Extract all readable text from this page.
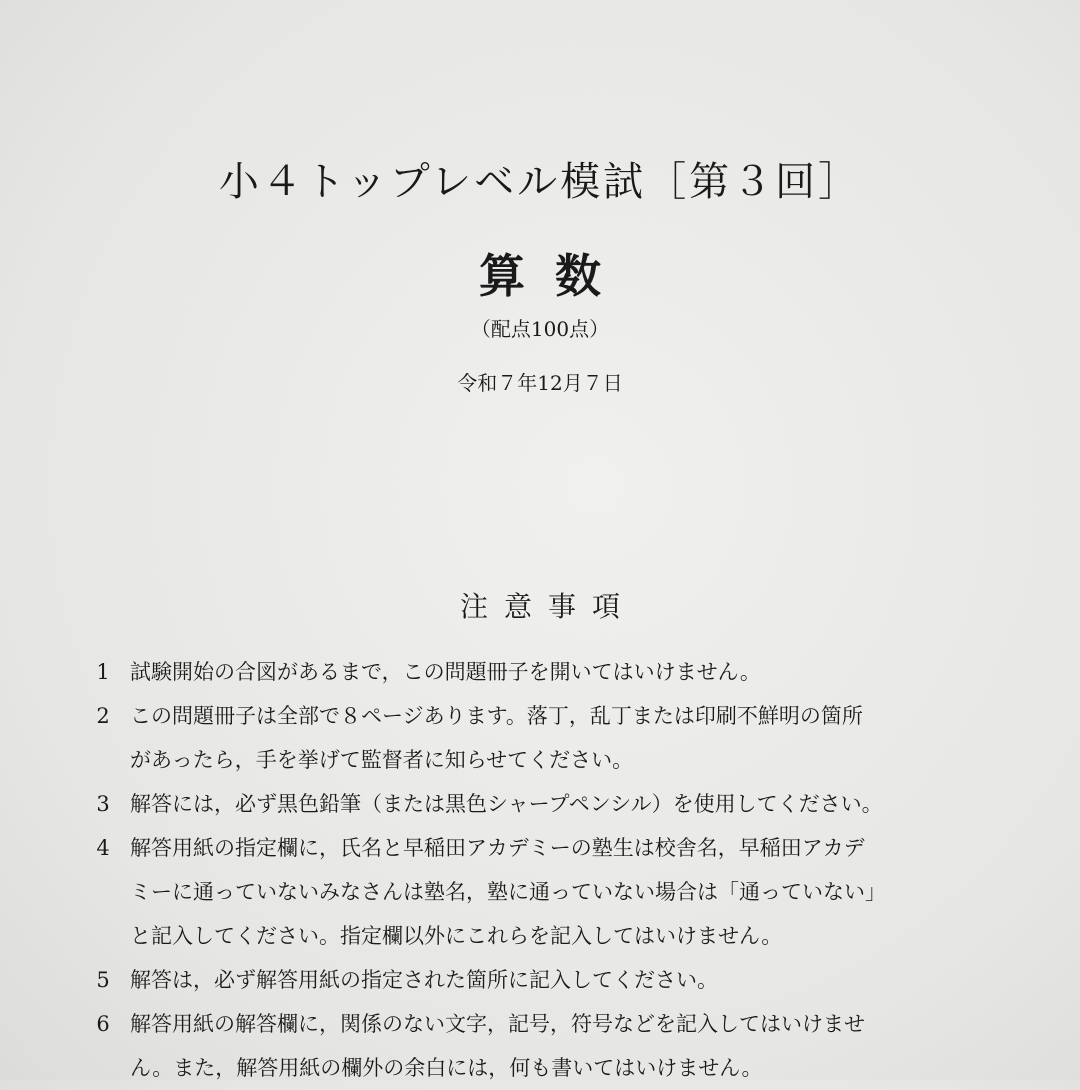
小４トップレベル模試［第３回］
算数
（配点100点）
令和７年12月７日
注意事項
1 試験開始の合図があるまで，この問題冊子を開いてはいけません。

2 この問題冊子は全部で８ページあります。落丁，乱丁または印刷不鮮明の箇所

があったら，手を挙げて監督者に知らせてください。

3 解答には，必ず黒色鉛筆（または黒色シャープペンシル）を使用してください。

4 解答用紙の指定欄に，氏名と早稲田アカデミーの塾生は校舎名，早稲田アカデ

ミーに通っていないみなさんは塾名，塾に通っていない場合は「通っていない」

と記入してください。指定欄以外にこれらを記入してはいけません。

5 解答は，必ず解答用紙の指定された箇所に記入してください。

6 解答用紙の解答欄に，関係のない文字，記号，符号などを記入してはいけませ

ん。また，解答用紙の欄外の余白には，何も書いてはいけません。
